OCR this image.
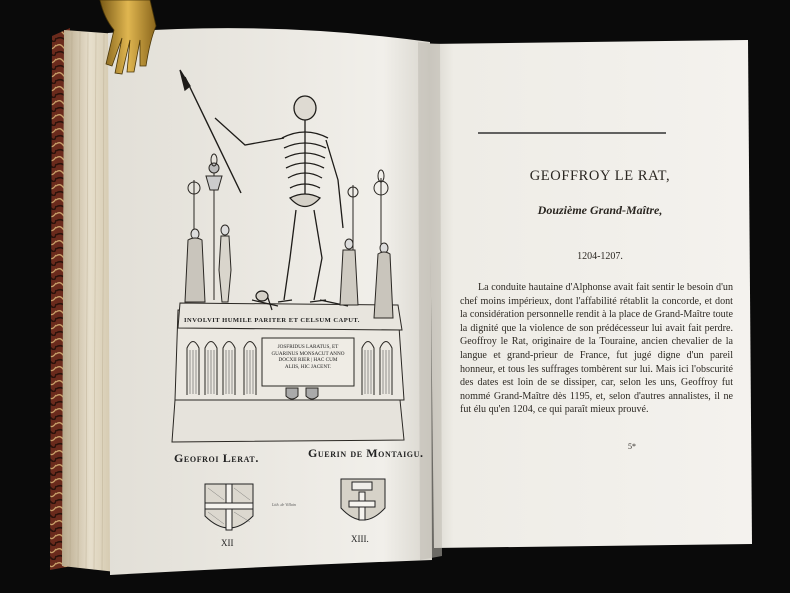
GEOFFROY LE RAT,
Douzième Grand-Maître,
1204-1207.

La conduite hautaine d'Alphonse avait fait sentir le besoin d'un chef moins impérieux, dont l'affabilité rétablit la concorde, et dont la considération personnelle rendit à la place de Grand-Maître toute la dignité que la violence de son prédécesseur lui avait fait perdre. Geoffroy le Rat, originaire de la Touraine, ancien chevalier de la langue et grand-prieur de France, fut jugé digne d'un pareil honneur, et tous les suffrages tombèrent sur lui. Mais ici l'obscurité des dates est loin de se dissiper, car, selon les uns, Geoffroy fut nommé Grand-Maître dès 1195, et, selon d'autres annalistes, il ne fut élu qu'en 1204, ce qui paraît mieux prouvé.

5*
INVOLVIT HUMILE PARITER ET CELSUM CAPUT.
JOSFRIDUS LARATUS, ET
GUARINUS MONSACUT ANNO
DOCXII RIER | HAC CUM
ALIIS, HIC JACENT.
Geofroi Lerat.	Guerin de Montaigu.
XII	XIII.
Lith. de Villain
